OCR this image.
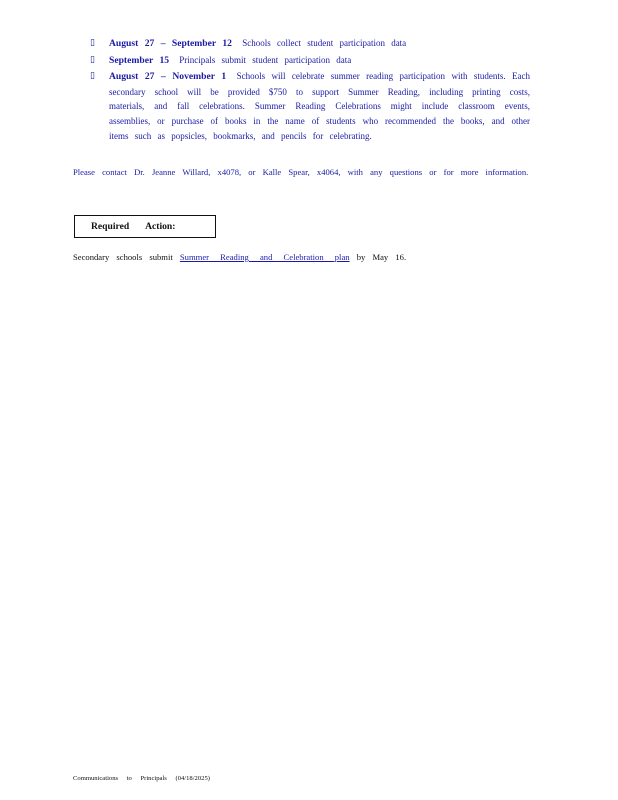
▯	August 27 – September 12 Schools collect student participation data
▯	September 15 Principals submit student participation data
▯	August 27 – November 1 Schools will celebrate summer reading participation with students. Each secondary school will be provided $750 to support Summer Reading, including printing costs, materials, and fall celebrations. Summer Reading Celebrations might include classroom events, assemblies, or purchase of books in the name of students who recommended the books, and other items such as popsicles, bookmarks, and pencils for celebrating.
Please contact Dr. Jeanne Willard, x4078, or Kalle Spear, x4064, with any questions or for more information.
Required Action:
Secondary schools submit Summer Reading and Celebration plan by May 16.
Communications to Principals (04/18/2025)
